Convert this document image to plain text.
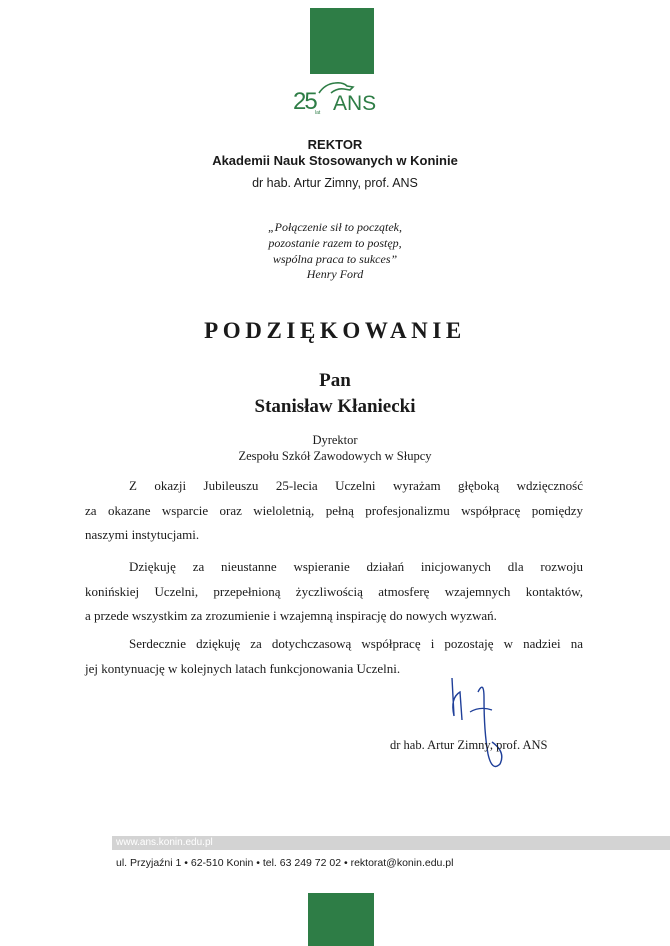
25 lat ANS
REKTOR
Akademii Nauk Stosowanych w Koninie
dr hab. Artur Zimny, prof. ANS
„Połączenie sił to początek,
pozostanie razem to postęp,
wspólna praca to sukces”
Henry Ford
PODZIĘKOWANIE
Pan
Stanisław Kłaniecki
Dyrektor
Zespołu Szkół Zawodowych w Słupcy
Z okazji Jubileuszu 25-lecia Uczelni wyrażam głęboką wdzięczność
za okazane wsparcie oraz wieloletnią, pełną profesjonalizmu współpracę pomiędzy
naszymi instytucjami.
Dziękuję za nieustanne wspieranie działań inicjowanych dla rozwoju
konińskiej Uczelni, przepełnioną życzliwością atmosferę wzajemnych kontaktów,
a przede wszystkim za zrozumienie i wzajemną inspirację do nowych wyzwań.
Serdecznie dziękuję za dotychczasową współpracę i pozostaję w nadziei na
jej kontynuację w kolejnych latach funkcjonowania Uczelni.
dr hab. Artur Zimny, prof. ANS
www.ans.konin.edu.pl
ul. Przyjaźni 1 • 62-510 Konin • tel. 63 249 72 02 • rektorat@konin.edu.pl
